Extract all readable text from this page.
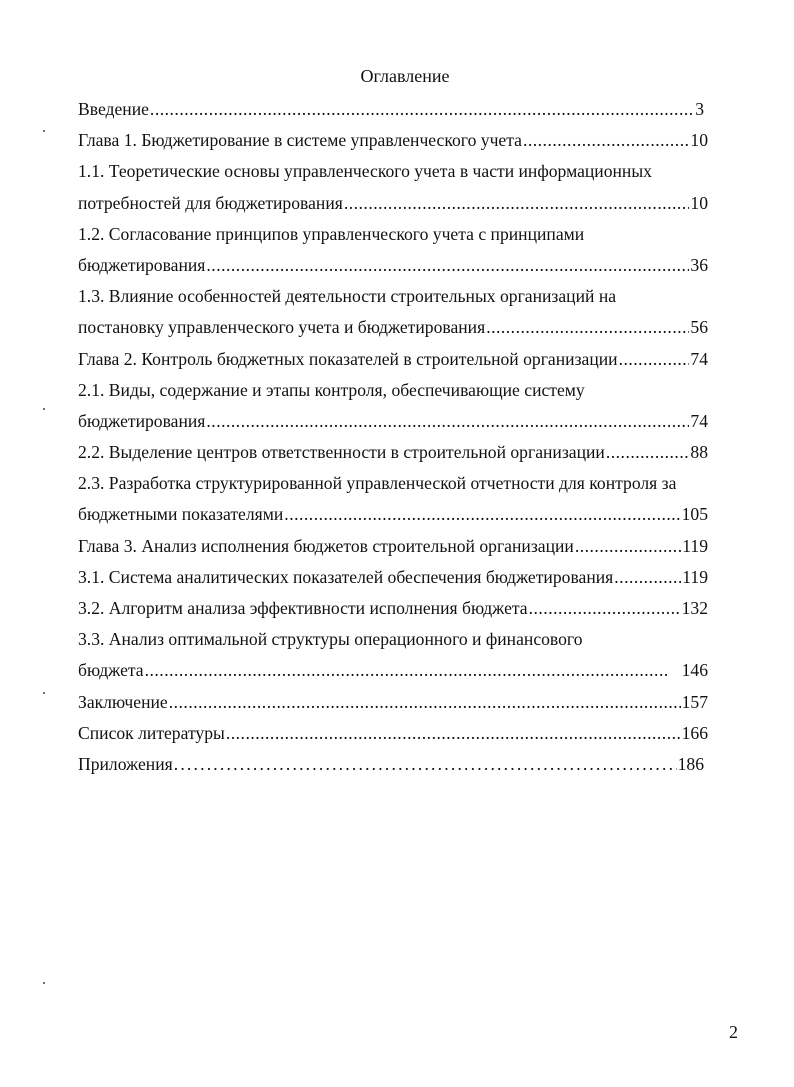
Оглавление
Введение .....	3
Глава 1. Бюджетирование в системе управленческого учета .....	10
1.1. Теоретические основы управленческого учета в части информационных
потребностей для бюджетирования .....	10
1.2. Согласование принципов управленческого учета с принципами
бюджетирования .....	36
1.3. Влияние особенностей деятельности строительных организаций на
постановку управленческого учета и бюджетирования .....	56
Глава 2. Контроль бюджетных показателей в строительной организации .....	74
2.1. Виды, содержание и этапы контроля, обеспечивающие систему
бюджетирования .....	74
2.2. Выделение центров ответственности в строительной организации .....	88
2.3. Разработка структурированной управленческой отчетности для контроля за
бюджетными показателями .....	105
Глава 3. Анализ исполнения бюджетов строительной организации .....	119
3.1. Система аналитических показателей обеспечения бюджетирования .....	119
3.2. Алгоритм анализа эффективности исполнения бюджета .....	132
3.3. Анализ оптимальной структуры операционного и финансового
бюджета .....	146
Заключение .....	157
Список литературы .....	166
Приложения .....	186
2
